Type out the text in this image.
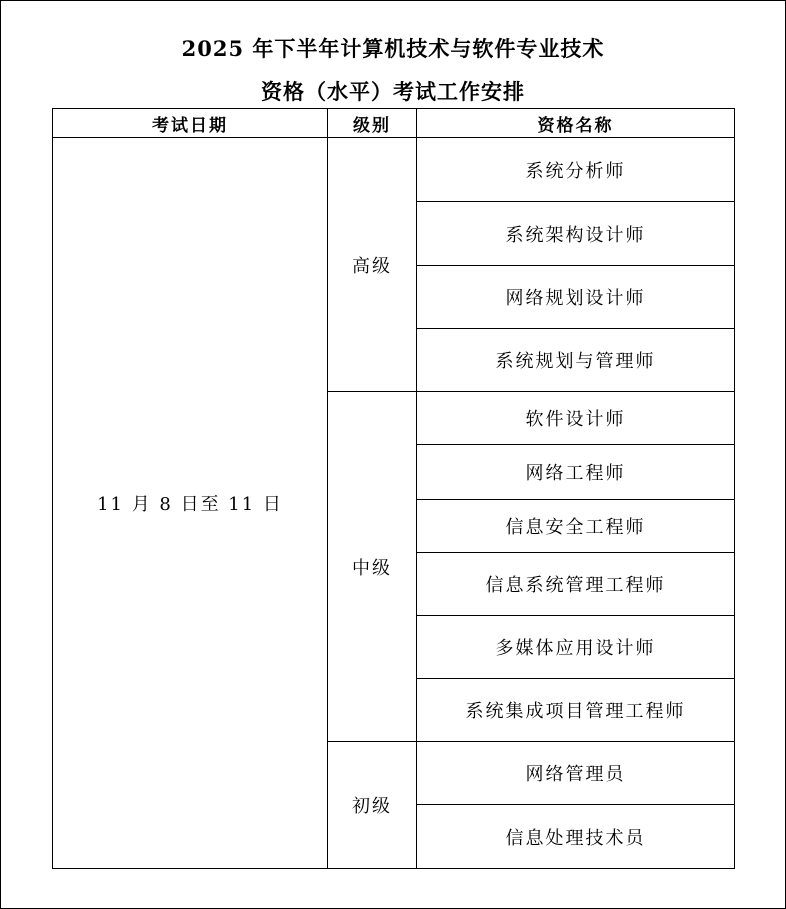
2025 年下半年计算机技术与软件专业技术
资格（水平）考试工作安排
考试日期	级别	资格名称
11 月 8 日至 11 日	高级	系统分析师
		系统架构设计师
		网络规划设计师
		系统规划与管理师
	中级	软件设计师
		网络工程师
		信息安全工程师
		信息系统管理工程师
		多媒体应用设计师
		系统集成项目管理工程师
	初级	网络管理员
		信息处理技术员
